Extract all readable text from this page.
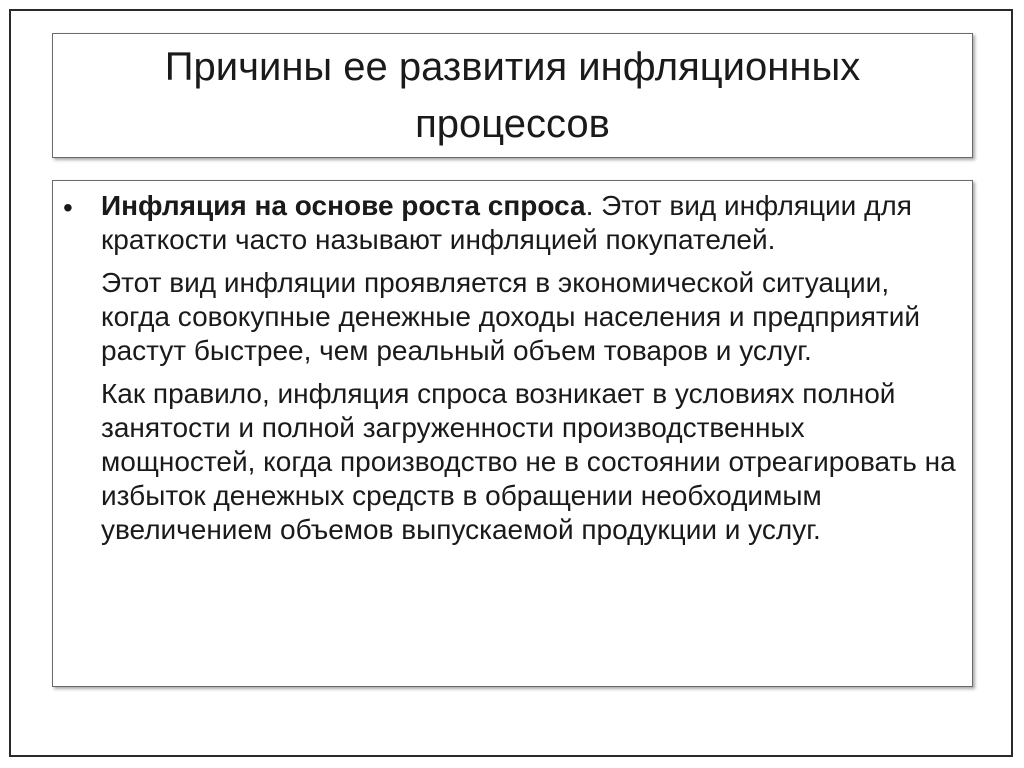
Причины ее развития инфляционных процессов
• Инфляция на основе роста спроса. Этот вид инфляции для краткости часто называют инфляцией покупателей.

Этот вид инфляции проявляется в экономической ситуации, когда совокупные денежные доходы населения и предприятий растут быстрее, чем реальный объем товаров и услуг.

Как правило, инфляция спроса возникает в условиях полной занятости и полной загруженности производственных мощностей, когда производство не в состоянии отреагировать на избыток денежных средств в обращении необходимым увеличением объемов выпускаемой продукции и услуг.
